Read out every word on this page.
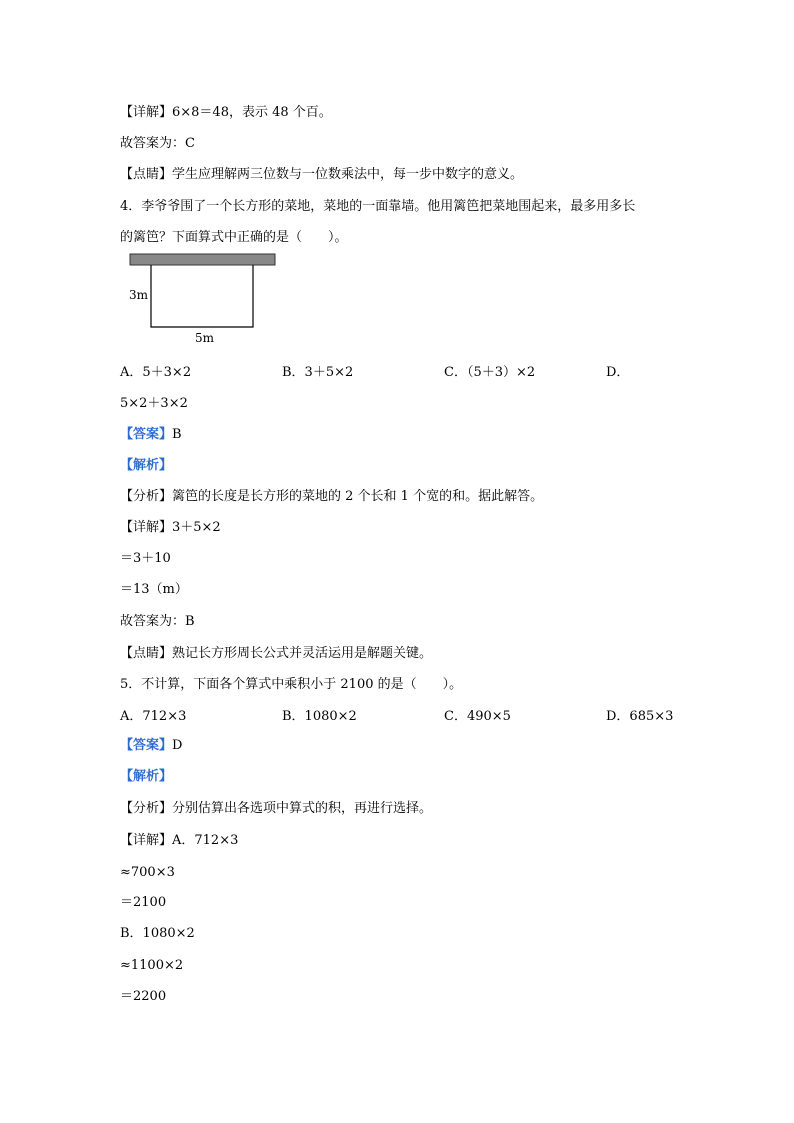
【详解】6×8＝48，表示 48 个百。
故答案为：C
【点睛】学生应理解两三位数与一位数乘法中，每一步中数字的意义。
4．李爷爷围了一个长方形的菜地，菜地的一面靠墙。他用篱笆把菜地围起来，最多用多长
的篱笆？下面算式中正确的是（　　）。
3m
5m
A．5＋3×2	B．3＋5×2	C．（5＋3）×2	D．
5×2＋3×2
【答案】B
【解析】
【分析】篱笆的长度是长方形的菜地的 2 个长和 1 个宽的和。据此解答。
【详解】3＋5×2
＝3＋10
＝13（m）
故答案为：B
【点睛】熟记长方形周长公式并灵活运用是解题关键。
5．不计算，下面各个算式中乘积小于 2100 的是（　　）。
A．712×3	B．1080×2	C．490×5	D．685×3
【答案】D
【解析】
【分析】分别估算出各选项中算式的积，再进行选择。
【详解】A．712×3
≈700×3
＝2100
B．1080×2
≈1100×2
＝2200
